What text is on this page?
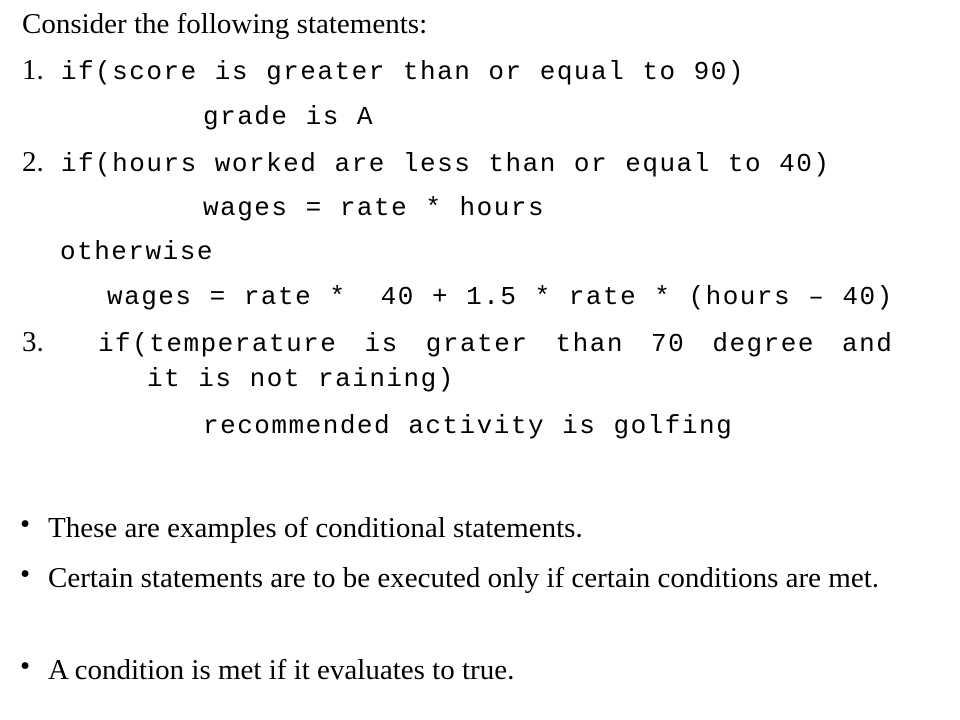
Consider the following statements:
1. if(score is greater than or equal to 90)
grade is A
2. if(hours worked are less than or equal to 40)
wages = rate * hours
otherwise
wages = rate *  40 + 1.5 * rate * (hours – 40)
3.  if(temperature is grater than 70 degree and
it is not raining)
recommended activity is golfing
• These are examples of conditional statements.
• Certain statements are to be executed only if certain conditions are met.
• A condition is met if it evaluates to true.
